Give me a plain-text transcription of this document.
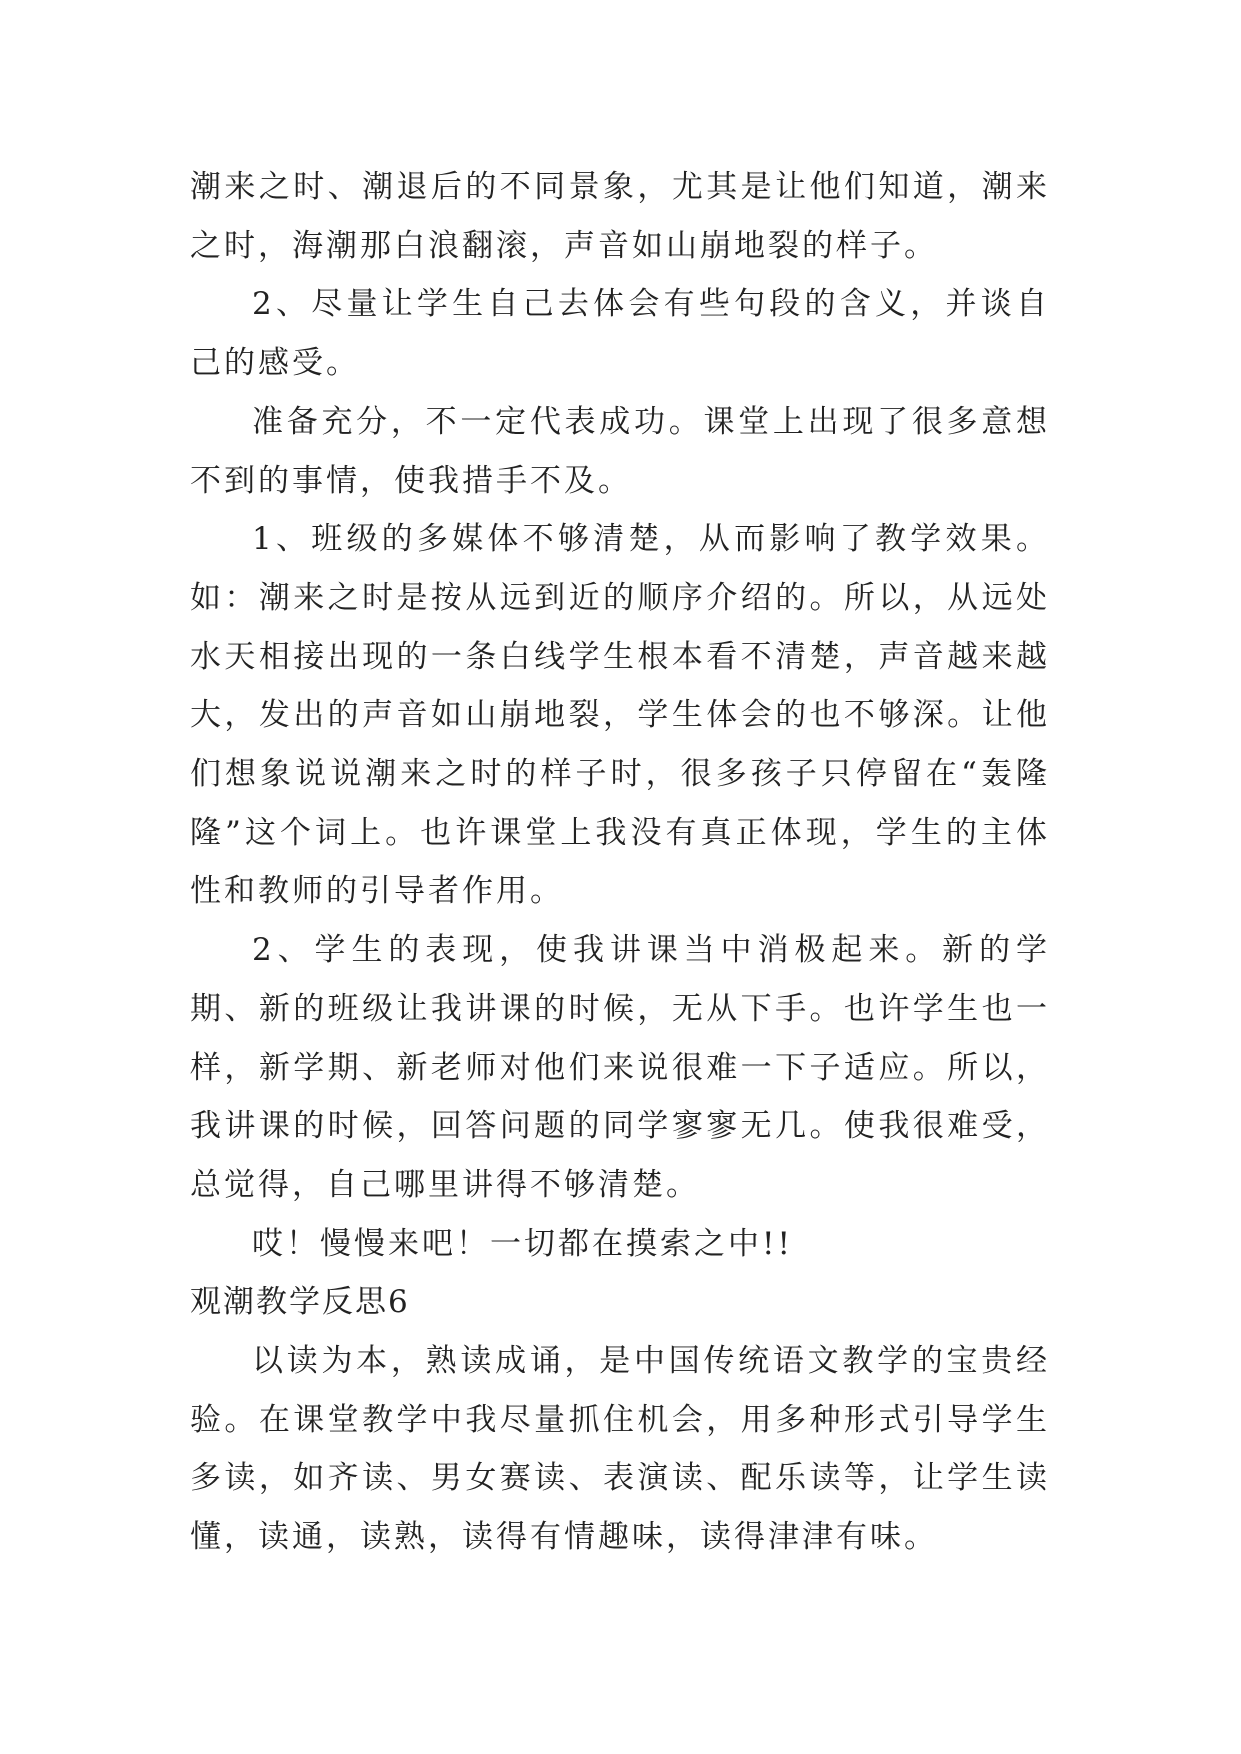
潮来之时、潮退后的不同景象，尤其是让他们知道，潮来之时，海潮那白浪翻滚，声音如山崩地裂的样子。

2、尽量让学生自己去体会有些句段的含义，并谈自己的感受。

准备充分，不一定代表成功。课堂上出现了很多意想不到的事情，使我措手不及。

1、班级的多媒体不够清楚，从而影响了教学效果。如：潮来之时是按从远到近的顺序介绍的。所以，从远处水天相接出现的一条白线学生根本看不清楚，声音越来越大，发出的声音如山崩地裂，学生体会的也不够深。让他们想象说说潮来之时的样子时，很多孩子只停留在“轰隆隆”这个词上。也许课堂上我没有真正体现，学生的主体性和教师的引导者作用。

2、学生的表现，使我讲课当中消极起来。新的学期、新的班级让我讲课的时候，无从下手。也许学生也一样，新学期、新老师对他们来说很难一下子适应。所以，我讲课的时候，回答问题的同学寥寥无几。使我很难受，总觉得，自己哪里讲得不够清楚。

哎！慢慢来吧！一切都在摸索之中!!

观潮教学反思6

以读为本，熟读成诵，是中国传统语文教学的宝贵经验。在课堂教学中我尽量抓住机会，用多种形式引导学生多读，如齐读、男女赛读、表演读、配乐读等，让学生读懂，读通，读熟，读得有情趣味，读得津津有味。
